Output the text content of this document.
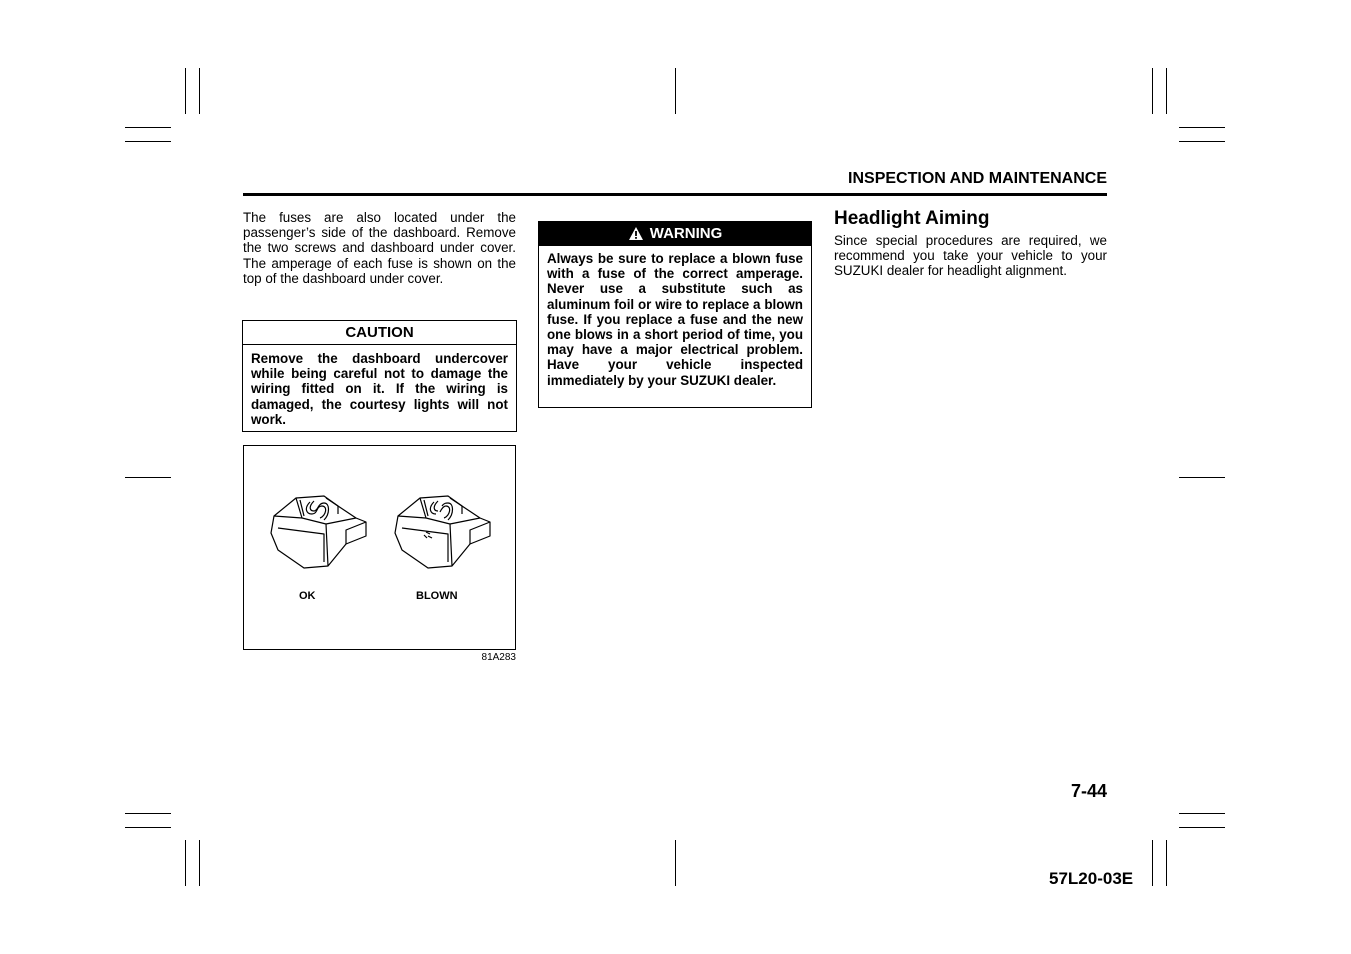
INSPECTION AND MAINTENANCE

The fuses are also located under the passenger’s side of the dashboard. Remove the two screws and dashboard under cover. The amperage of each fuse is shown on the top of the dashboard under cover.

CAUTION
Remove the dashboard undercover while being careful not to damage the wiring fitted on it. If the wiring is damaged, the courtesy lights will not work.
OK	BLOWN
81A283
WARNING
Always be sure to replace a blown fuse with a fuse of the correct amperage. Never use a substitute such as aluminum foil or wire to replace a blown fuse. If you replace a fuse and the new one blows in a short period of time, you may have a major electrical problem. Have your vehicle inspected immediately by your SUZUKI dealer.
Headlight Aiming

Since special procedures are required, we recommend you take your vehicle to your SUZUKI dealer for headlight alignment.

7-44
57L20-03E
